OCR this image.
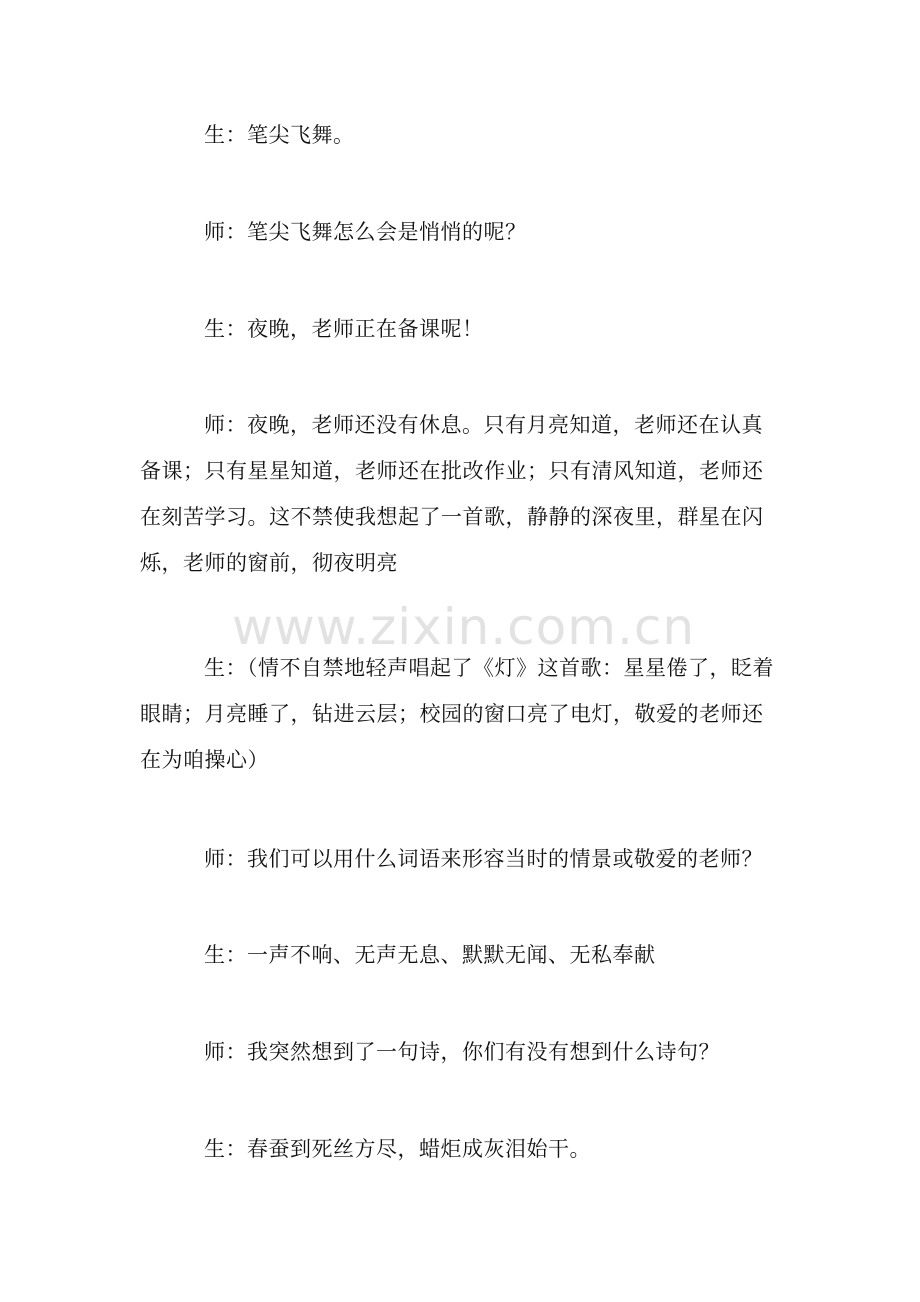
生：笔尖飞舞。

师：笔尖飞舞怎么会是悄悄的呢？

生：夜晚，老师正在备课呢！

师：夜晚，老师还没有休息。只有月亮知道，老师还在认真备课；只有星星知道，老师还在批改作业；只有清风知道，老师还在刻苦学习。这不禁使我想起了一首歌，静静的深夜里，群星在闪烁，老师的窗前，彻夜明亮

生：（情不自禁地轻声唱起了《灯》这首歌：星星倦了，眨着眼睛；月亮睡了，钻进云层；校园的窗口亮了电灯，敬爱的老师还在为咱操心）

师：我们可以用什么词语来形容当时的情景或敬爱的老师？

生：一声不响、无声无息、默默无闻、无私奉献

师：我突然想到了一句诗，你们有没有想到什么诗句？

生：春蚕到死丝方尽，蜡炬成灰泪始干。

www.zixin.com.cn
